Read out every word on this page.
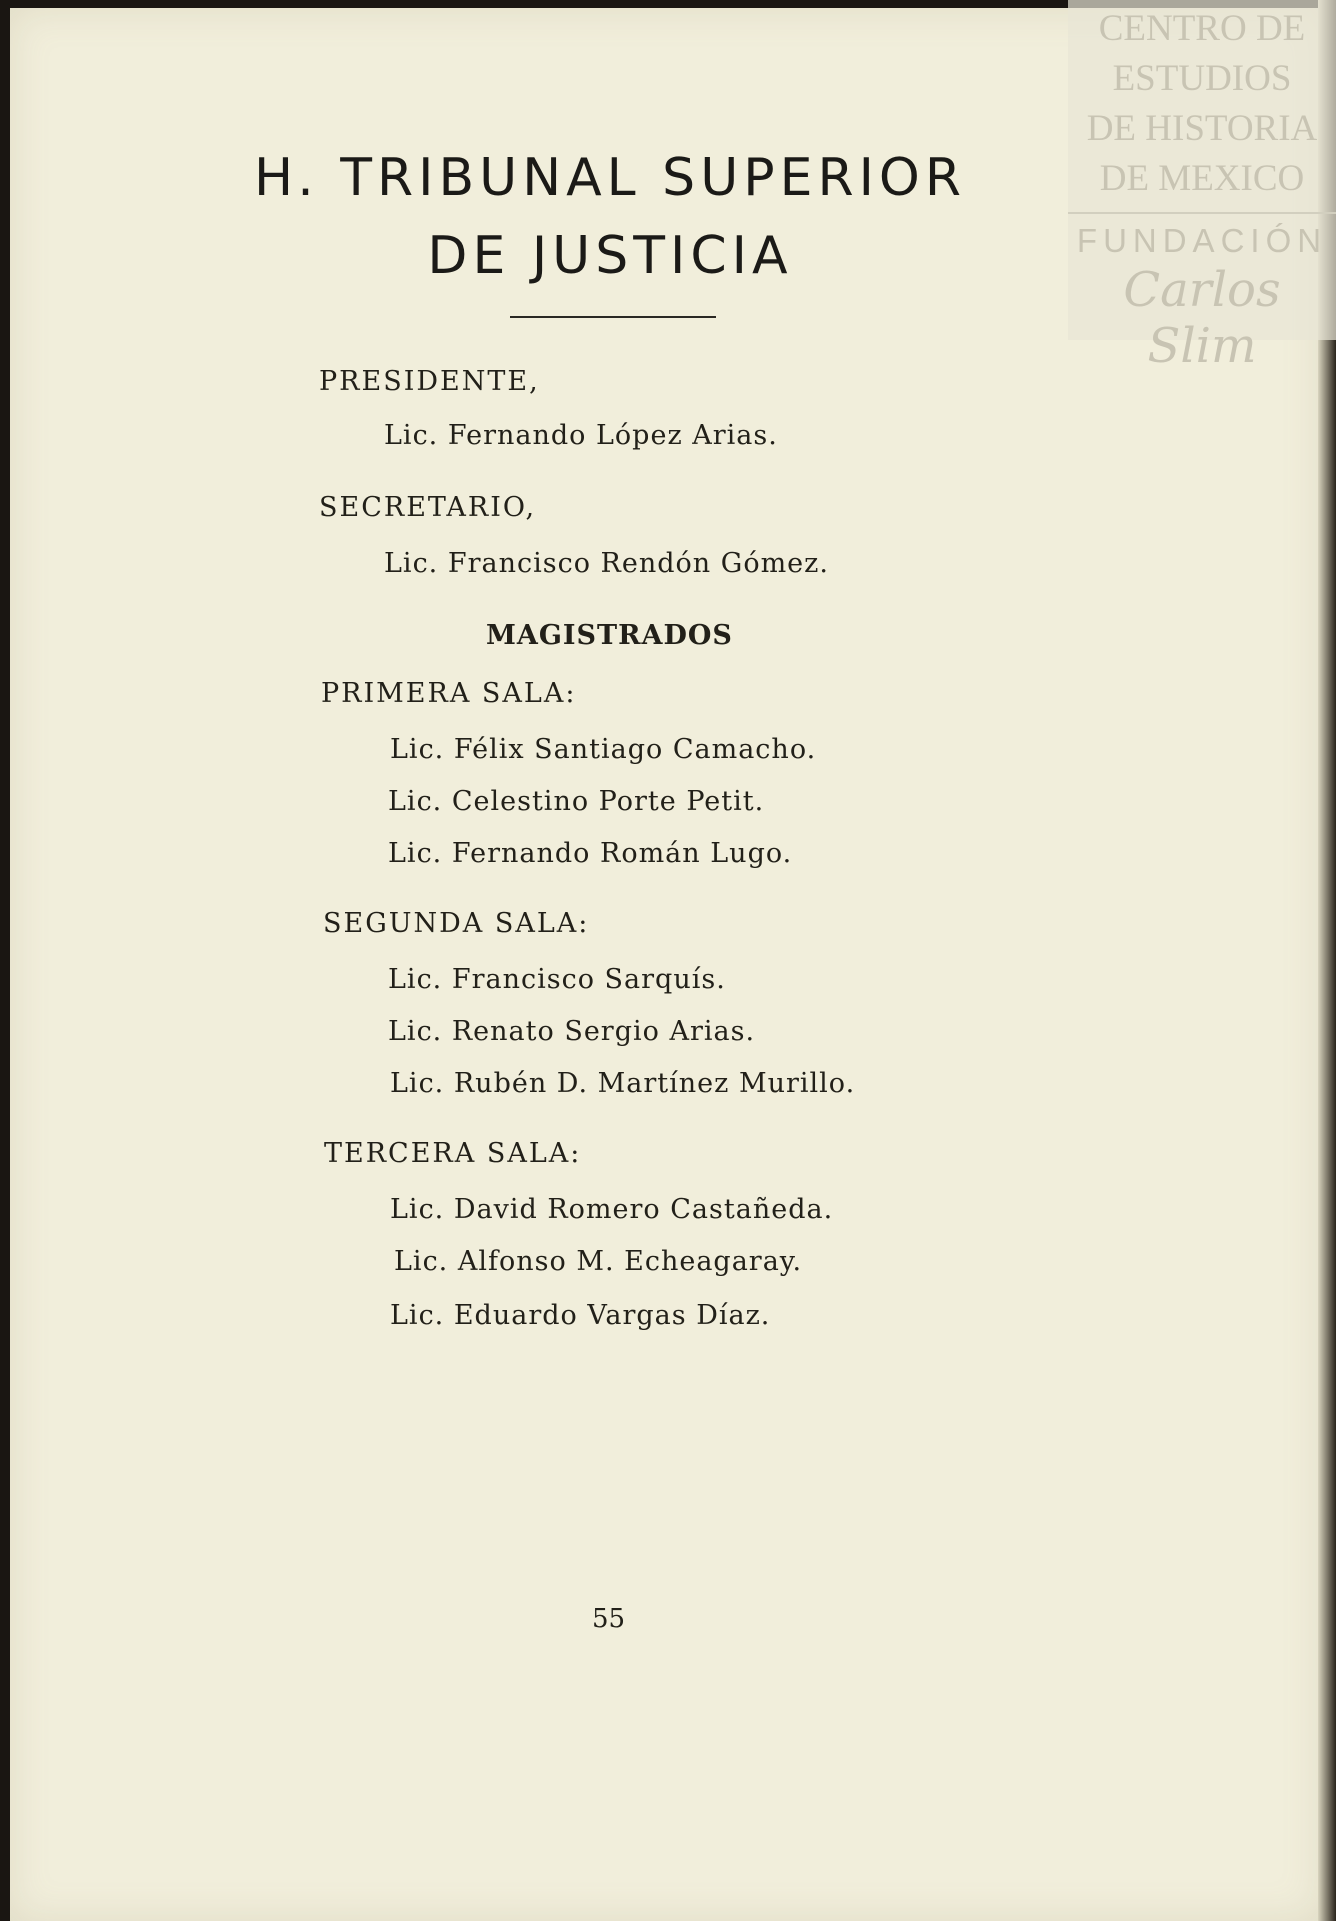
H. TRIBUNAL SUPERIOR
DE JUSTICIA
PRESIDENTE,
Lic. Fernando López Arias.
SECRETARIO,
Lic. Francisco Rendón Gómez.
MAGISTRADOS
PRIMERA SALA:
Lic. Félix Santiago Camacho.
Lic. Celestino Porte Petit.
Lic. Fernando Román Lugo.
SEGUNDA SALA:
Lic. Francisco Sarquís.
Lic. Renato Sergio Arias.
Lic. Rubén D. Martínez Murillo.
TERCERA SALA:
Lic. David Romero Castañeda.
Lic. Alfonso M. Echeagaray.
Lic. Eduardo Vargas Díaz.
55
CENTRO DE
ESTUDIOS
DE HISTORIA
DE MEXICO
FUNDACIÓN
Carlos Slim
